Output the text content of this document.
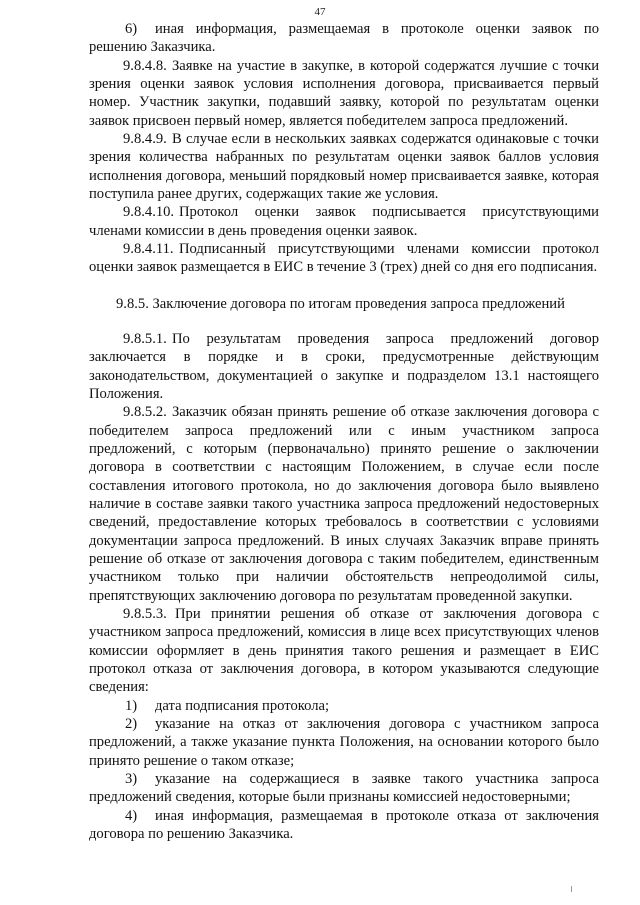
47

6) иная информация, размещаемая в протоколе оценки заявок по решению Заказчика.

9.8.4.8. Заявке на участие в закупке, в которой содержатся лучшие с точки зрения оценки заявок условия исполнения договора, присваивается первый номер. Участник закупки, подавший заявку, которой по результатам оценки заявок присвоен первый номер, является победителем запроса предложений.

9.8.4.9. В случае если в нескольких заявках содержатся одинаковые с точки зрения количества набранных по результатам оценки заявок баллов условия исполнения договора, меньший порядковый номер присваивается заявке, которая поступила ранее других, содержащих такие же условия.

9.8.4.10. Протокол оценки заявок подписывается присутствующими членами комиссии в день проведения оценки заявок.

9.8.4.11. Подписанный присутствующими членами комиссии протокол оценки заявок размещается в ЕИС в течение 3 (трех) дней со дня его подписания.

9.8.5. Заключение договора по итогам проведения запроса предложений

9.8.5.1. По результатам проведения запроса предложений договор заключается в порядке и в сроки, предусмотренные действующим законодательством, документацией о закупке и подразделом 13.1 настоящего Положения.

9.8.5.2. Заказчик обязан принять решение об отказе заключения договора с победителем запроса предложений или с иным участником запроса предложений, с которым (первоначально) принято решение о заключении договора в соответствии с настоящим Положением, в случае если после составления итогового протокола, но до заключения договора было выявлено наличие в составе заявки такого участника запроса предложений недостоверных сведений, предоставление которых требовалось в соответствии с условиями документации запроса предложений. В иных случаях Заказчик вправе принять решение об отказе от заключения договора с таким победителем, единственным участником только при наличии обстоятельств непреодолимой силы, препятствующих заключению договора по результатам проведенной закупки.

9.8.5.3. При принятии решения об отказе от заключения договора с участником запроса предложений, комиссия в лице всех присутствующих членов комиссии оформляет в день принятия такого решения и размещает в ЕИС протокол отказа от заключения договора, в котором указываются следующие сведения:

1) дата подписания протокола;

2) указание на отказ от заключения договора с участником запроса предложений, а также указание пункта Положения, на основании которого было принято решение о таком отказе;

3) указание на содержащиеся в заявке такого участника запроса предложений сведения, которые были признаны комиссией недостоверными;

4) иная информация, размещаемая в протоколе отказа от заключения договора по решению Заказчика.
